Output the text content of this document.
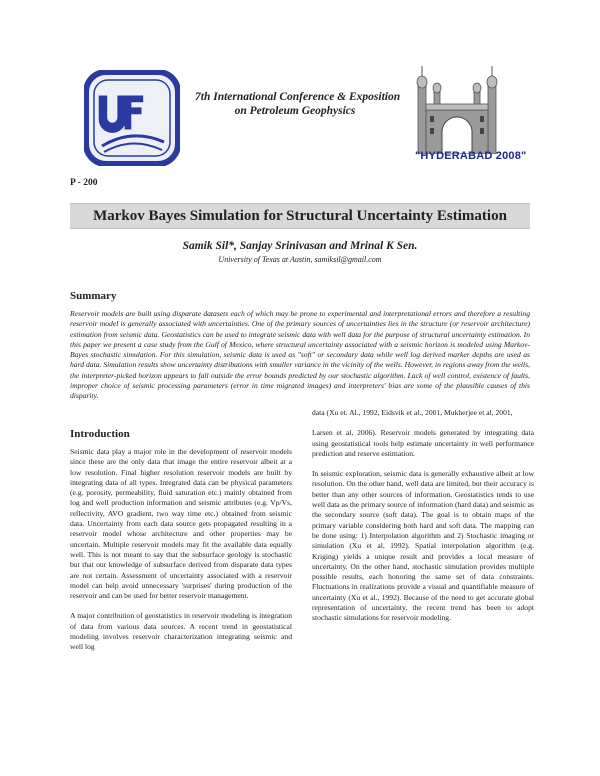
7th International Conference & Exposition
on Petroleum Geophysics
"HYDERABAD 2008"
P - 200
Markov Bayes Simulation for Structural Uncertainty Estimation
Samik Sil*, Sanjay Srinivasan and Mrinal K Sen.
University of Texas at Austin, samiksil@gmail.com
Summary
Reservoir models are built using disparate datasets each of which may be prone to experimental and interpretational errors and therefore a resulting reservoir model is generally associated with uncertainties. One of the primary sources of uncertainties lies in the structure (or reservoir architecture) estimation from seismic data. Geostatistics can be used to integrate seismic data with well data for the purpose of structural uncertainty estimation. In this paper we present a case study from the Gulf of Mexico, where structural uncertainty associated with a seismic horizon is modeled using Markov-Bayes stochastic simulation. For this simulation, seismic data is used as "soft" or secondary data while well log derived marker depths are used as hard data. Simulation results show uncertainty distributions with smaller variance in the vicinity of the wells. However, in regions away from the wells, the interpreter-picked horizon appears to fall outside the error bounds predicted by our stochastic algorithm. Lack of well control, existence of faults, improper choice of seismic processing parameters (error in time migrated images) and interpreters' bias are some of the plausible causes of this disparity.
Introduction

Seismic data play a major role in the development of reservoir models since these are the only data that image the entire reservoir albeit at a low resolution. Final higher resolution reservoir models are built by integrating data of all types. Integrated data can be physical parameters (e.g. porosity, permeability, fluid saturation etc.) mainly obtained from log and well production information and seismic attributes (e.g. Vp/Vs, reflectivity, AVO gradient, two way time etc.) obtained from seismic data. Uncertainty from each data source gets propagated resulting in a reservoir model whose architecture and other properties may be uncertain. Multiple reservoir models may fit the available data equally well. This is not meant to say that the subsurface geology is stochastic but that our knowledge of subsurface derived from disparate data types are not certain. Assessment of uncertainty associated with a reservoir model can help avoid unnecessary 'surprises' during production of the reservoir and can be used for better reservoir management.

A major contribution of geostatistics in reservoir modeling is integration of data from various data sources. A recent trend in geostatistical modeling involves reservoir characterization integrating seismic and well log

data (Xu et. Al., 1992, Eidsvik et al., 2001, Mukherjee et al, 2001,

Larsen et al, 2006). Reservoir models generated by integrating data using geostatistical tools help estimate uncertainty in well performance prediction and reserve estimation.

In seismic exploration, seismic data is generally exhaustive albeit at low resolution. On the other hand, well data are limited, but their accuracy is better than any other sources of information. Geostatistics tends to use well data as the primary source of information (hard data) and seismic as the secondary source (soft data). The goal is to obtain maps of the primary variable considering both hard and soft data. The mapping can be done using: 1) Interpolation algorithm and 2) Stochastic imaging or simulation (Xu et al, 1992). Spatial interpolation algorithm (e.g. Kriging) yields a unique result and provides a local measure of uncertainty. On the other hand, stochastic simulation provides multiple possible results, each honoring the same set of data constraints. Fluctuations in realizations provide a visual and quantifiable measure of uncertainty (Xu et al., 1992). Because of the need to get accurate global representation of uncertainty, the recent trend has been to adopt stochastic simulations for reservoir modeling.
